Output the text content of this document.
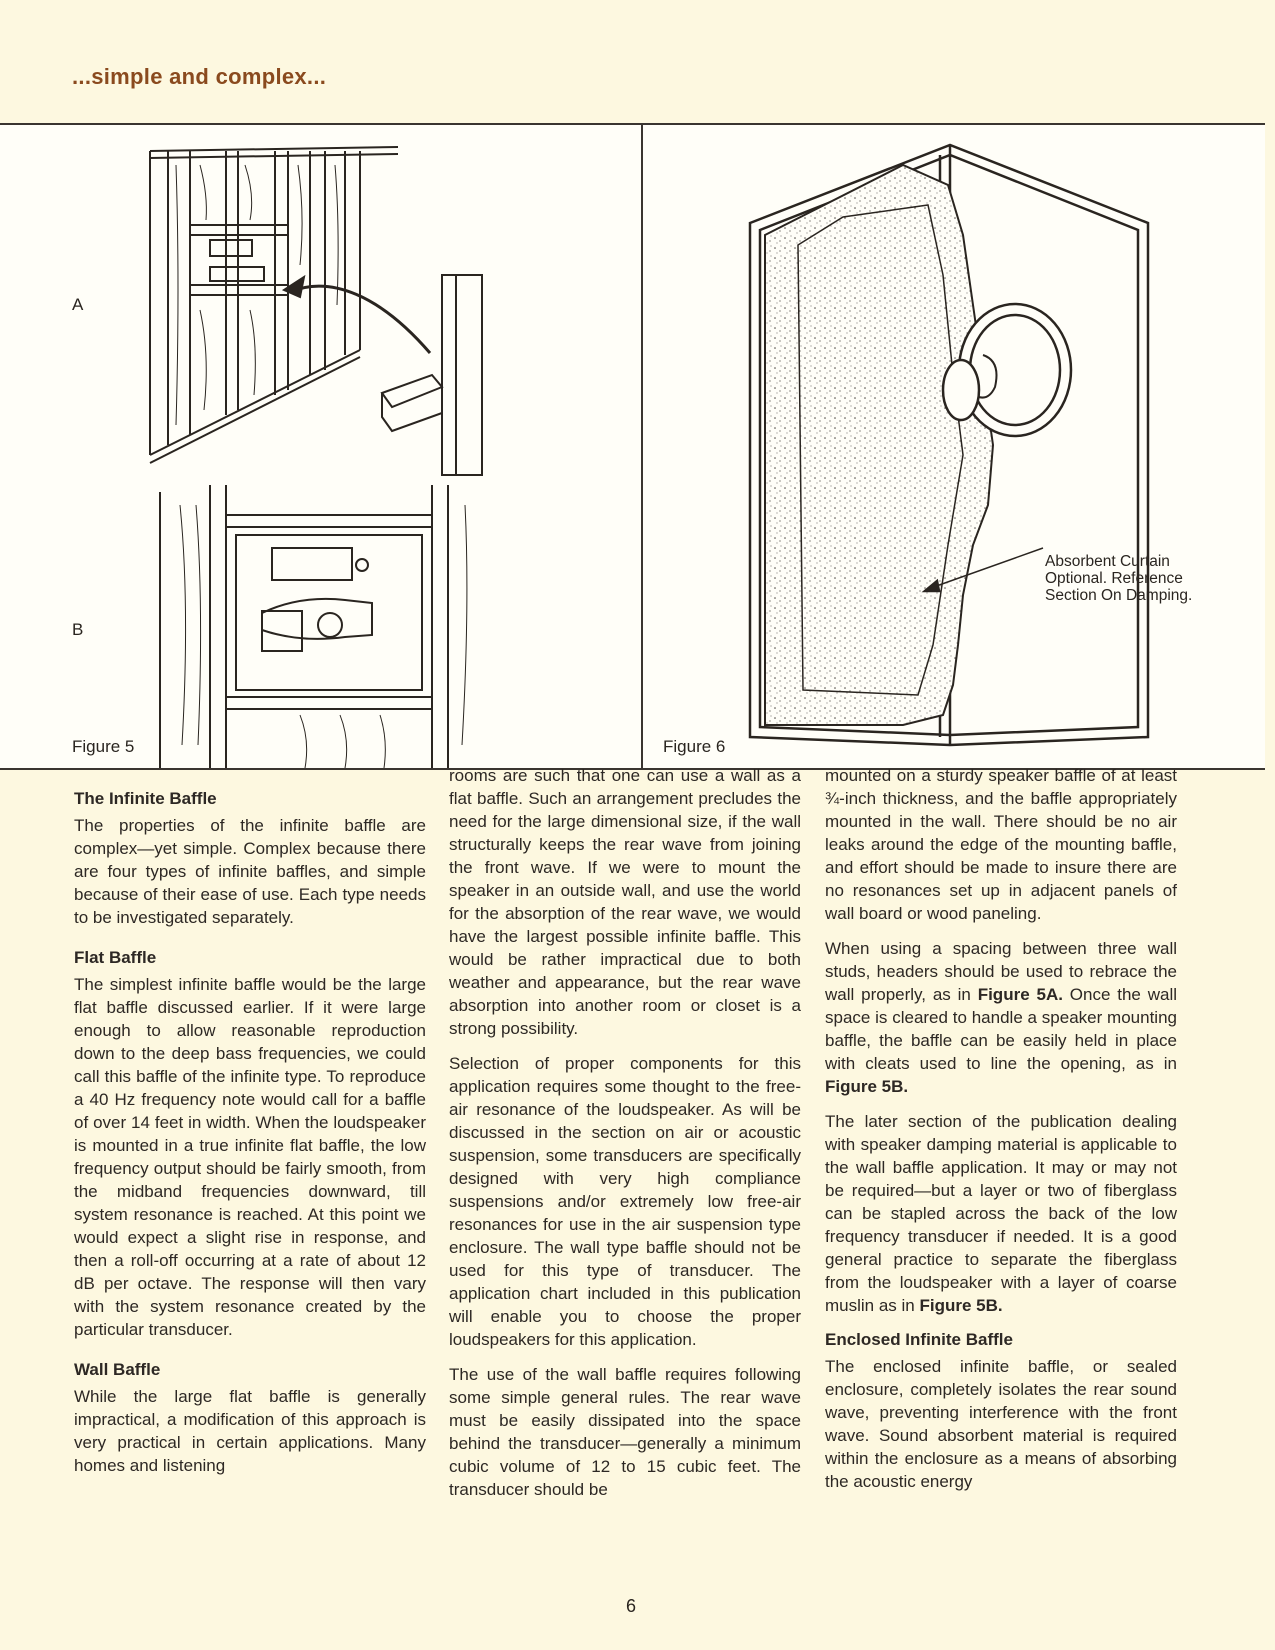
...simple and complex...
A
B
Figure 5	Figure 6
Absorbent Curtain
Optional. Reference
Section On Damping.
The Infinite Baffle

The properties of the infinite baffle are complex—yet simple. Complex because there are four types of infinite baffles, and simple because of their ease of use. Each type needs to be investigated separately.

Flat Baffle

The simplest infinite baffle would be the large flat baffle discussed earlier. If it were large enough to allow reasonable reproduction down to the deep bass frequencies, we could call this baffle of the infinite type. To reproduce a 40 Hz frequency note would call for a baffle of over 14 feet in width. When the loudspeaker is mounted in a true infinite flat baffle, the low frequency output should be fairly smooth, from the midband frequencies downward, till system resonance is reached. At this point we would expect a slight rise in response, and then a roll-off occurring at a rate of about 12 dB per octave. The response will then vary with the system resonance created by the particular transducer.

Wall Baffle

While the large flat baffle is generally impractical, a modification of this approach is very practical in certain applications. Many homes and listening

rooms are such that one can use a wall as a flat baffle. Such an arrangement precludes the need for the large dimensional size, if the wall structurally keeps the rear wave from joining the front wave. If we were to mount the speaker in an outside wall, and use the world for the absorption of the rear wave, we would have the largest possible infinite baffle. This would be rather impractical due to both weather and appearance, but the rear wave absorption into another room or closet is a strong possibility.

Selection of proper components for this application requires some thought to the free-air resonance of the loudspeaker. As will be discussed in the section on air or acoustic suspension, some transducers are specifically designed with very high compliance suspensions and/or extremely low free-air resonances for use in the air suspension type enclosure. The wall type baffle should not be used for this type of transducer. The application chart included in this publication will enable you to choose the proper loudspeakers for this application.

The use of the wall baffle requires following some simple general rules. The rear wave must be easily dissipated into the space behind the transducer—generally a minimum cubic volume of 12 to 15 cubic feet. The transducer should be

mounted on a sturdy speaker baffle of at least ¾-inch thickness, and the baffle appropriately mounted in the wall. There should be no air leaks around the edge of the mounting baffle, and effort should be made to insure there are no resonances set up in adjacent panels of wall board or wood paneling.

When using a spacing between three wall studs, headers should be used to rebrace the wall properly, as in Figure 5A. Once the wall space is cleared to handle a speaker mounting baffle, the baffle can be easily held in place with cleats used to line the opening, as in Figure 5B.

The later section of the publication dealing with speaker damping material is applicable to the wall baffle application. It may or may not be required—but a layer or two of fiberglass can be stapled across the back of the low frequency transducer if needed. It is a good general practice to separate the fiberglass from the loudspeaker with a layer of coarse muslin as in Figure 5B.

Enclosed Infinite Baffle

The enclosed infinite baffle, or sealed enclosure, completely isolates the rear sound wave, preventing interference with the front wave. Sound absorbent material is required within the enclosure as a means of absorbing the acoustic energy

6
